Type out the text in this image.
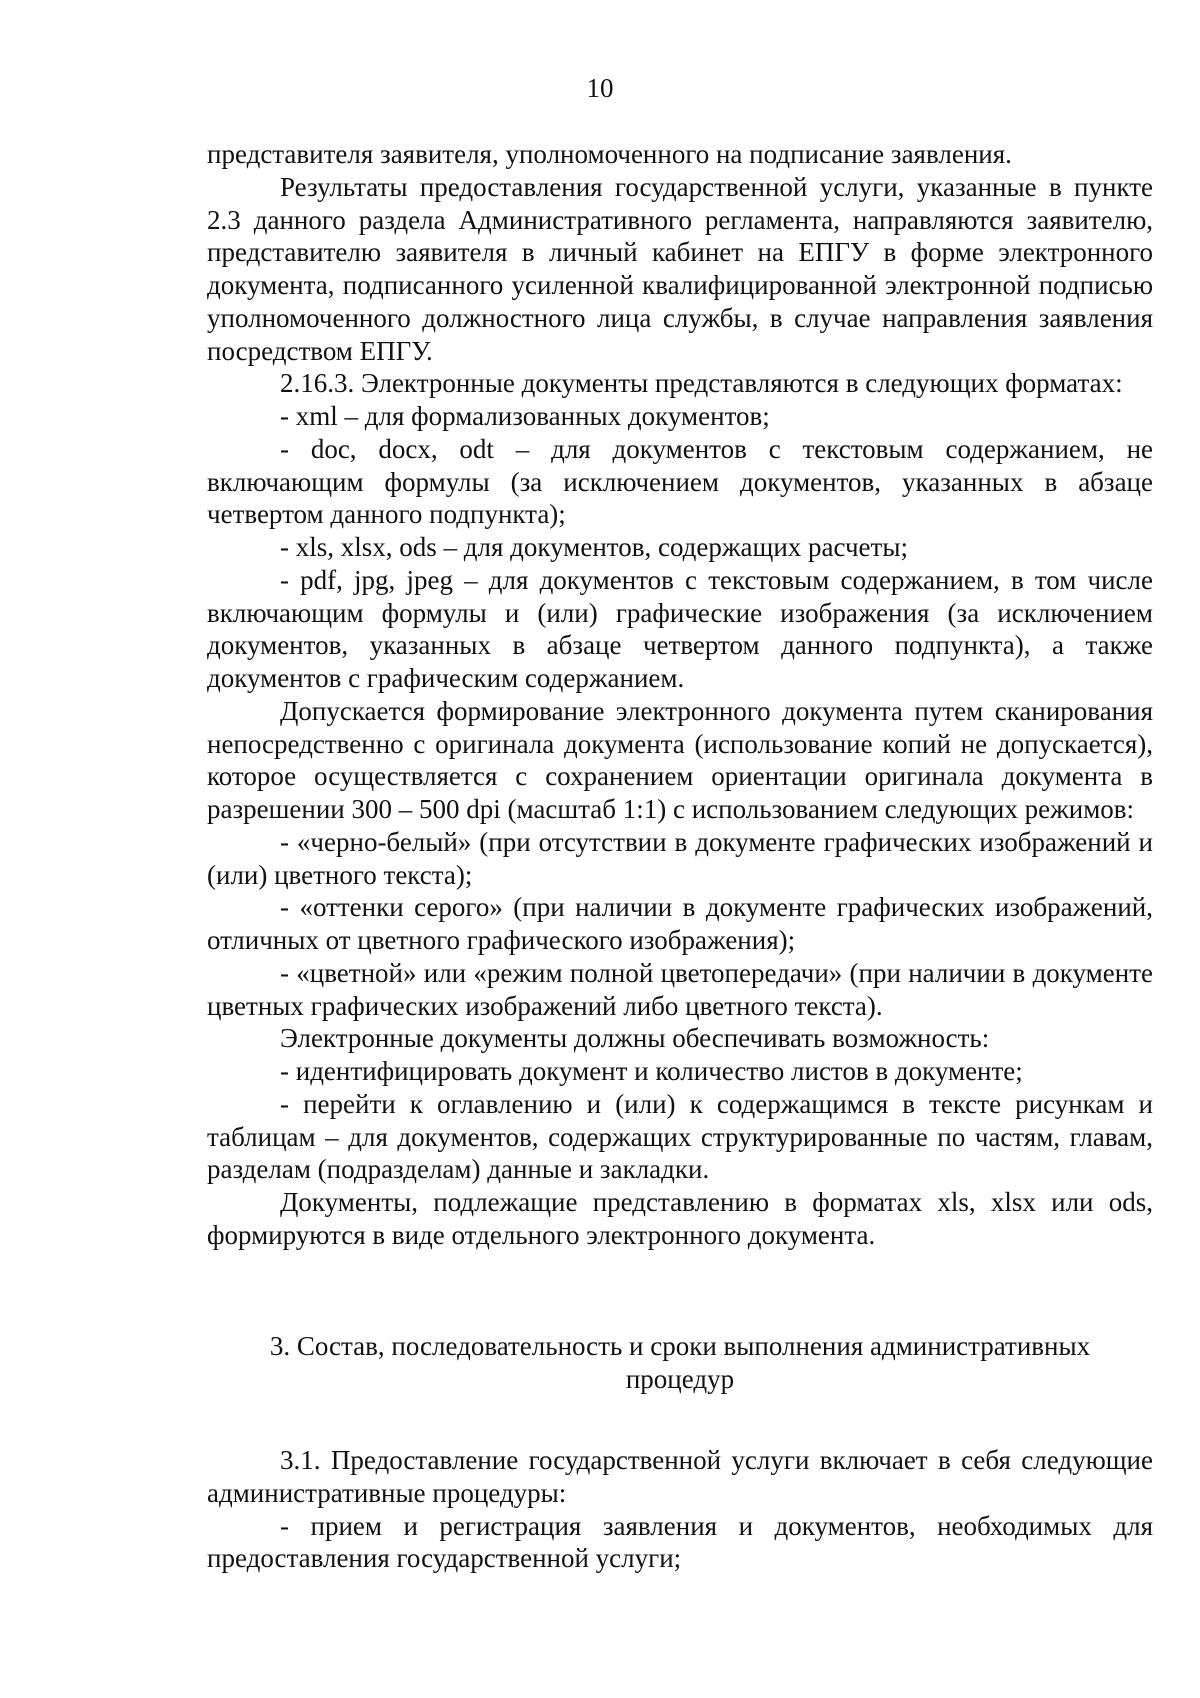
10

представителя заявителя, уполномоченного на подписание заявления.

Результаты предоставления государственной услуги, указанные в пункте 2.3 данного раздела Административного регламента, направляются заявителю, представителю заявителя в личный кабинет на ЕПГУ в форме электронного документа, подписанного усиленной квалифицированной электронной подписью уполномоченного должностного лица службы, в случае направления заявления посредством ЕПГУ.

2.16.3. Электронные документы представляются в следующих форматах:

- xml – для формализованных документов;

- doc, docx, odt – для документов с текстовым содержанием, не включающим формулы (за исключением документов, указанных в абзаце четвертом данного подпункта);

- xls, xlsx, ods – для документов, содержащих расчеты;

- pdf, jpg, jpeg – для документов с текстовым содержанием, в том числе включающим формулы и (или) графические изображения (за исключением документов, указанных в абзаце четвертом данного подпункта), а также документов с графическим содержанием.

Допускается формирование электронного документа путем сканирования непосредственно с оригинала документа (использование копий не допускается), которое осуществляется с сохранением ориентации оригинала документа в разрешении 300 – 500 dpi (масштаб 1:1) с использованием следующих режимов:

- «черно-белый» (при отсутствии в документе графических изображений и (или) цветного текста);

- «оттенки серого» (при наличии в документе графических изображений, отличных от цветного графического изображения);

- «цветной» или «режим полной цветопередачи» (при наличии в документе цветных графических изображений либо цветного текста).

Электронные документы должны обеспечивать возможность:

- идентифицировать документ и количество листов в документе;

- перейти к оглавлению и (или) к содержащимся в тексте рисункам и таблицам – для документов, содержащих структурированные по частям, главам, разделам (подразделам) данные и закладки.

Документы, подлежащие представлению в форматах xls, xlsx или ods, формируются в виде отдельного электронного документа.

3. Состав, последовательность и сроки выполнения административных
процедур

3.1. Предоставление государственной услуги включает в себя следующие административные процедуры:

- прием и регистрация заявления и документов, необходимых для предоставления государственной услуги;
